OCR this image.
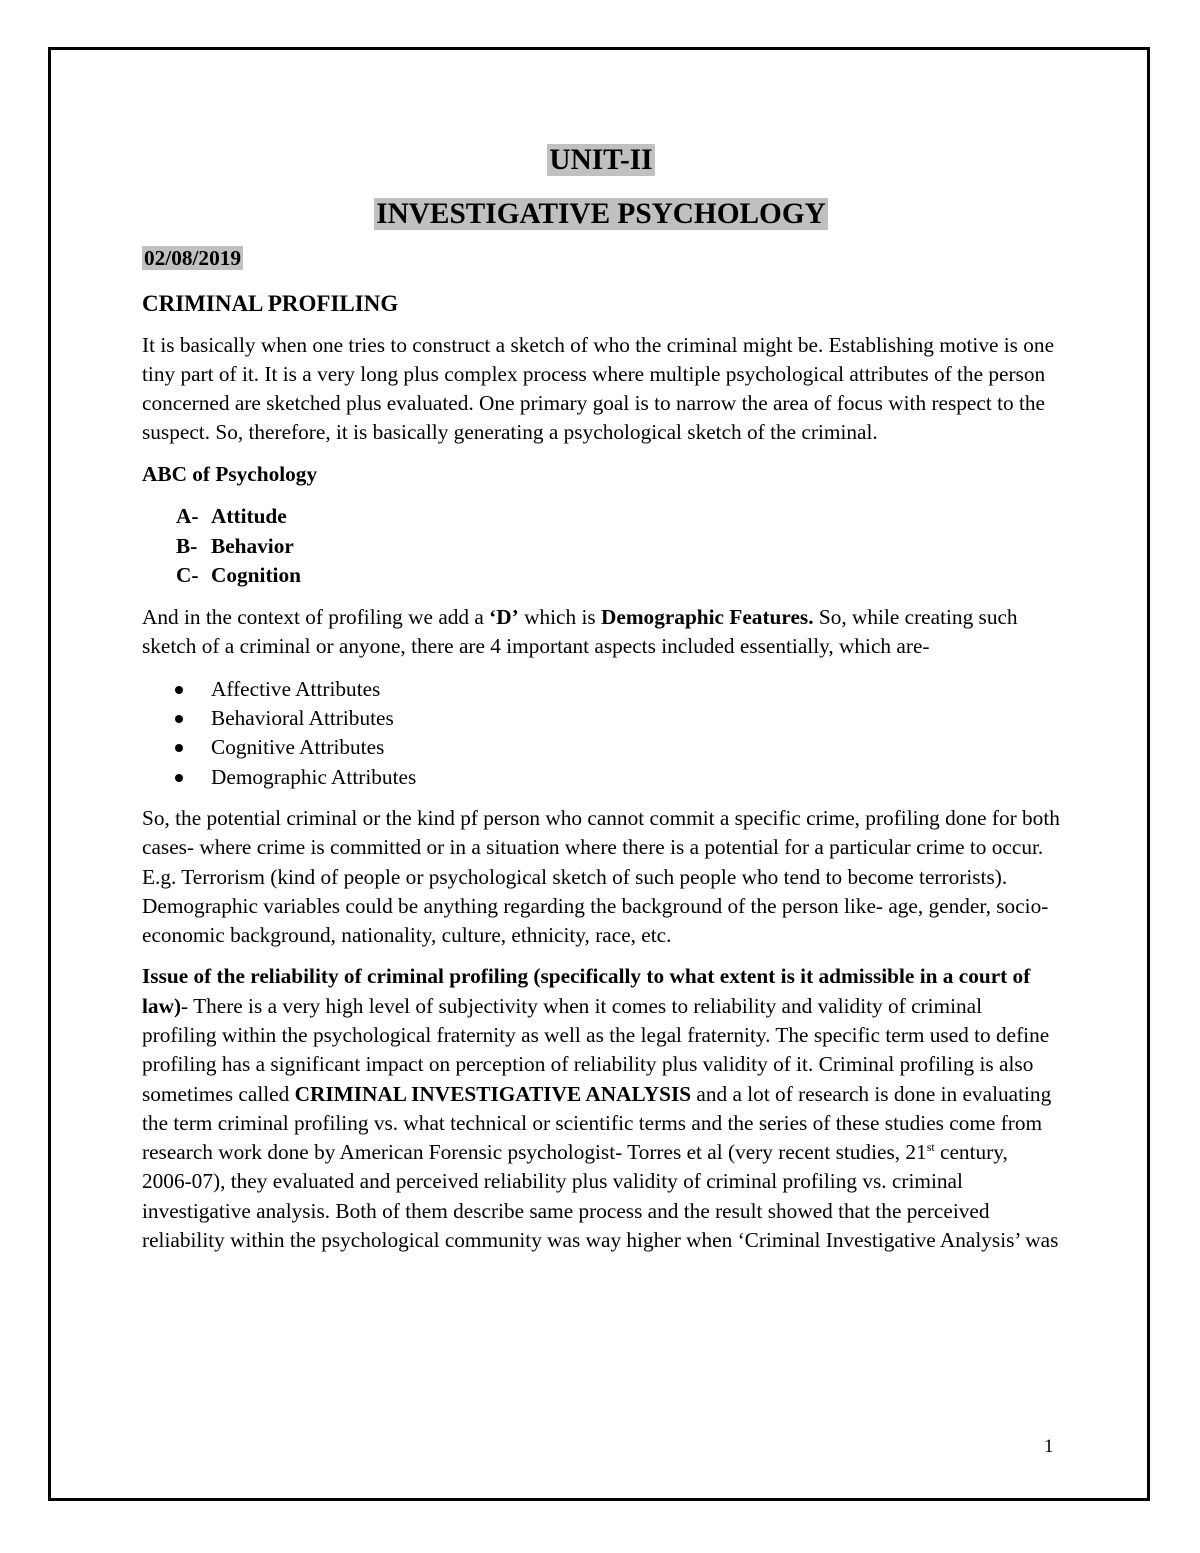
UNIT-II
INVESTIGATIVE PSYCHOLOGY
02/08/2019
CRIMINAL PROFILING

It is basically when one tries to construct a sketch of who the criminal might be. Establishing motive is one tiny part of it. It is a very long plus complex process where multiple psychological attributes of the person concerned are sketched plus evaluated. One primary goal is to narrow the area of focus with respect to the suspect. So, therefore, it is basically generating a psychological sketch of the criminal.

ABC of Psychology

A- Attitude
B- Behavior
C- Cognition

And in the context of profiling we add a ‘D’ which is Demographic Features. So, while creating such sketch of a criminal or anyone, there are 4 important aspects included essentially, which are-

Affective Attributes
Behavioral Attributes
Cognitive Attributes
Demographic Attributes

So, the potential criminal or the kind pf person who cannot commit a specific crime, profiling done for both cases- where crime is committed or in a situation where there is a potential for a particular crime to occur. E.g. Terrorism (kind of people or psychological sketch of such people who tend to become terrorists). Demographic variables could be anything regarding the background of the person like- age, gender, socio-economic background, nationality, culture, ethnicity, race, etc.

Issue of the reliability of criminal profiling (specifically to what extent is it admissible in a court of law)- There is a very high level of subjectivity when it comes to reliability and validity of criminal profiling within the psychological fraternity as well as the legal fraternity. The specific term used to define profiling has a significant impact on perception of reliability plus validity of it. Criminal profiling is also sometimes called CRIMINAL INVESTIGATIVE ANALYSIS and a lot of research is done in evaluating the term criminal profiling vs. what technical or scientific terms and the series of these studies come from research work done by American Forensic psychologist- Torres et al (very recent studies, 21st century, 2006-07), they evaluated and perceived reliability plus validity of criminal profiling vs. criminal investigative analysis. Both of them describe same process and the result showed that the perceived reliability within the psychological community was way higher when ‘Criminal Investigative Analysis’ was

1
